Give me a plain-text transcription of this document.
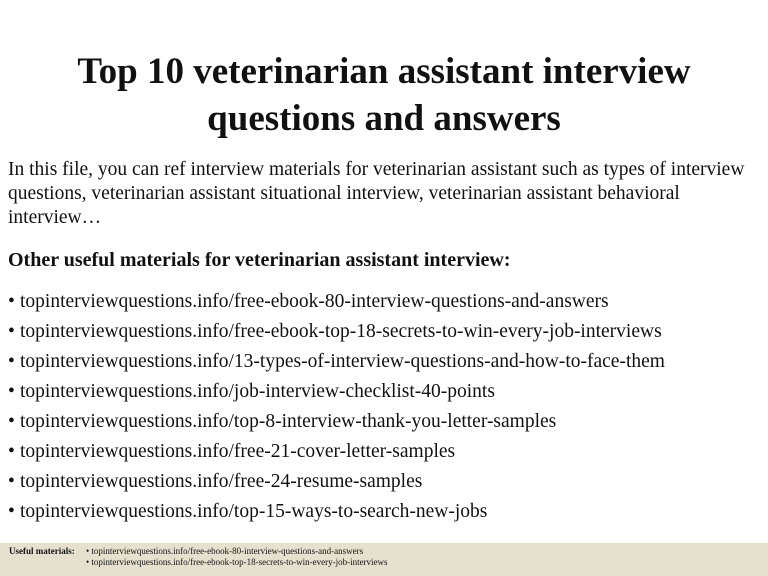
Top 10 veterinarian assistant interview
questions and answers

In this file, you can ref interview materials for veterinarian assistant such as types of interview questions, veterinarian assistant situational interview, veterinarian assistant behavioral interview…

Other useful materials for veterinarian assistant interview:
• topinterviewquestions.info/free-ebook-80-interview-questions-and-answers
• topinterviewquestions.info/free-ebook-top-18-secrets-to-win-every-job-interviews
• topinterviewquestions.info/13-types-of-interview-questions-and-how-to-face-them
• topinterviewquestions.info/job-interview-checklist-40-points
• topinterviewquestions.info/top-8-interview-thank-you-letter-samples
• topinterviewquestions.info/free-21-cover-letter-samples
• topinterviewquestions.info/free-24-resume-samples
• topinterviewquestions.info/top-15-ways-to-search-new-jobs
Useful materials: • topinterviewquestions.info/free-ebook-80-interview-questions-and-answers
• topinterviewquestions.info/free-ebook-top-18-secrets-to-win-every-job-interviews
